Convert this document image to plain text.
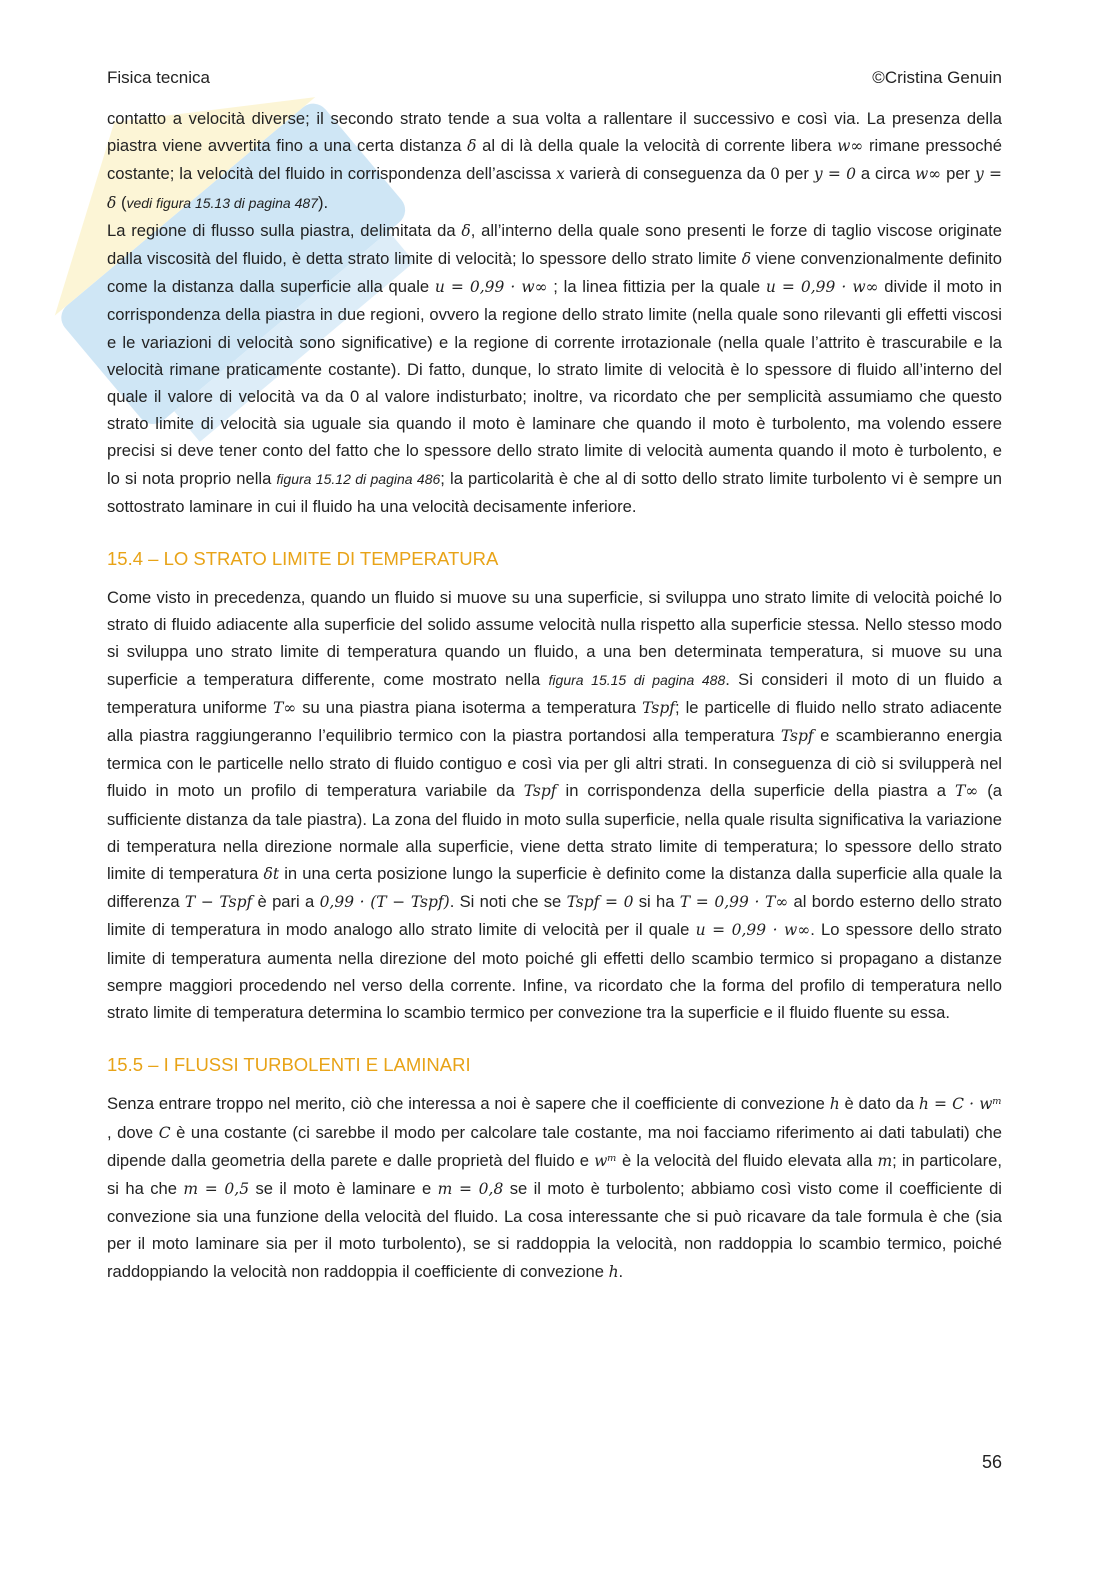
Fisica tecnica	©Cristina Genuin

contatto a velocità diverse; il secondo strato tende a sua volta a rallentare il successivo e così via. La presenza della piastra viene avvertita fino a una certa distanza δ al di là della quale la velocità di corrente libera w∞ rimane pressoché costante; la velocità del fluido in corrispondenza dell’ascissa x varierà di conseguenza da 0 per y = 0 a circa w∞ per y = δ (vedi figura 15.13 di pagina 487).

La regione di flusso sulla piastra, delimitata da δ, all’interno della quale sono presenti le forze di taglio viscose originate dalla viscosità del fluido, è detta strato limite di velocità; lo spessore dello strato limite δ viene convenzionalmente definito come la distanza dalla superficie alla quale u = 0,99 · w∞ ; la linea fittizia per la quale u = 0,99 · w∞ divide il moto in corrispondenza della piastra in due regioni, ovvero la regione dello strato limite (nella quale sono rilevanti gli effetti viscosi e le variazioni di velocità sono significative) e la regione di corrente irrotazionale (nella quale l’attrito è trascurabile e la velocità rimane praticamente costante). Di fatto, dunque, lo strato limite di velocità è lo spessore di fluido all’interno del quale il valore di velocità va da 0 al valore indisturbato; inoltre, va ricordato che per semplicità assumiamo che questo strato limite di velocità sia uguale sia quando il moto è laminare che quando il moto è turbolento, ma volendo essere precisi si deve tener conto del fatto che lo spessore dello strato limite di velocità aumenta quando il moto è turbolento, e lo si nota proprio nella figura 15.12 di pagina 486; la particolarità è che al di sotto dello strato limite turbolento vi è sempre un sottostrato laminare in cui il fluido ha una velocità decisamente inferiore.

15.4 – LO STRATO LIMITE DI TEMPERATURA

Come visto in precedenza, quando un fluido si muove su una superficie, si sviluppa uno strato limite di velocità poiché lo strato di fluido adiacente alla superficie del solido assume velocità nulla rispetto alla superficie stessa. Nello stesso modo si sviluppa uno strato limite di temperatura quando un fluido, a una ben determinata temperatura, si muove su una superficie a temperatura differente, come mostrato nella figura 15.15 di pagina 488. Si consideri il moto di un fluido a temperatura uniforme T∞ su una piastra piana isoterma a temperatura Tspf; le particelle di fluido nello strato adiacente alla piastra raggiungeranno l’equilibrio termico con la piastra portandosi alla temperatura Tspf e scambieranno energia termica con le particelle nello strato di fluido contiguo e così via per gli altri strati. In conseguenza di ciò si svilupperà nel fluido in moto un profilo di temperatura variabile da Tspf in corrispondenza della superficie della piastra a T∞ (a sufficiente distanza da tale piastra). La zona del fluido in moto sulla superficie, nella quale risulta significativa la variazione di temperatura nella direzione normale alla superficie, viene detta strato limite di temperatura; lo spessore dello strato limite di temperatura δt in una certa posizione lungo la superficie è definito come la distanza dalla superficie alla quale la differenza T − Tspf è pari a 0,99 · (T − Tspf). Si noti che se Tspf = 0 si ha T = 0,99 · T∞ al bordo esterno dello strato limite di temperatura in modo analogo allo strato limite di velocità per il quale u = 0,99 · w∞. Lo spessore dello strato limite di temperatura aumenta nella direzione del moto poiché gli effetti dello scambio termico si propagano a distanze sempre maggiori procedendo nel verso della corrente. Infine, va ricordato che la forma del profilo di temperatura nello strato limite di temperatura determina lo scambio termico per convezione tra la superficie e il fluido fluente su essa.

15.5 – I FLUSSI TURBOLENTI E LAMINARI

Senza entrare troppo nel merito, ciò che interessa a noi è sapere che il coefficiente di convezione h è dato da h = C · wᵐ , dove C è una costante (ci sarebbe il modo per calcolare tale costante, ma noi facciamo riferimento ai dati tabulati) che dipende dalla geometria della parete e dalle proprietà del fluido e wᵐ è la velocità del fluido elevata alla m; in particolare, si ha che m = 0,5 se il moto è laminare e m = 0,8 se il moto è turbolento; abbiamo così visto come il coefficiente di convezione sia una funzione della velocità del fluido. La cosa interessante che si può ricavare da tale formula è che (sia per il moto laminare sia per il moto turbolento), se si raddoppia la velocità, non raddoppia lo scambio termico, poiché raddoppiando la velocità non raddoppia il coefficiente di convezione h.

56
